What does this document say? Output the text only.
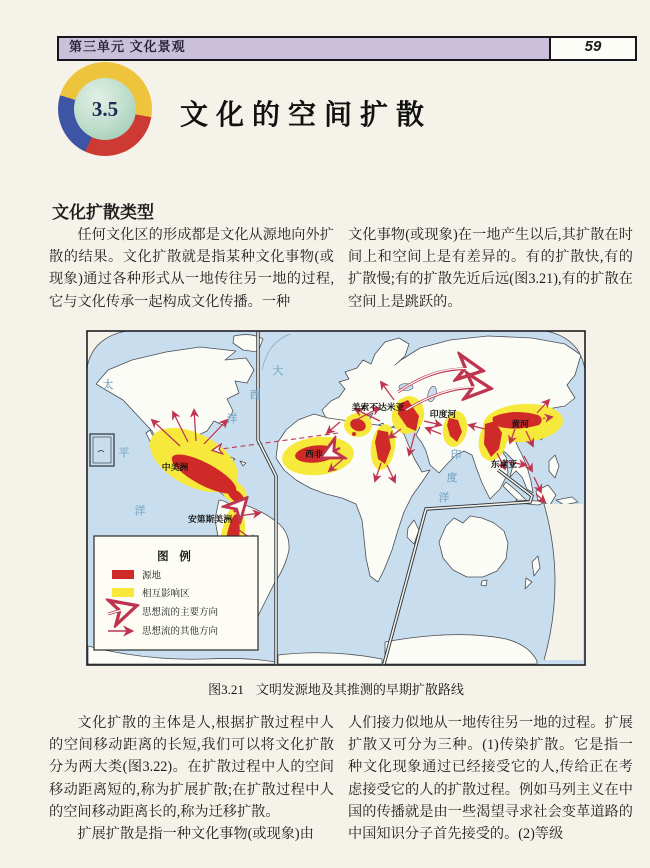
第三单元 文化景观	59
3.5	文化的空间扩散
文化扩散类型

任何文化区的形成都是文化从源地向外扩散的结果。文化扩散就是指某种文化事物(或现象)通过各种形式从一地传往另一地的过程,它与文化传承一起构成文化传播。一种

文化事物(或现象)在一地产生以后,其扩散在时间上和空间上是有差异的。有的扩散快,有的扩散慢;有的扩散先近后远(图3.21),有的扩散在空间上是跳跃的。

中美洲
安第斯美洲
西非
美索不达米亚
印度河
黄河
东南亚
太
平
洋
大
西
洋
印
度
洋
图 例
源地
相互影响区
思想流的主要方向
思想流的其他方向
图3.21 文明发源地及其推测的早期扩散路线

文化扩散的主体是人,根据扩散过程中人的空间移动距离的长短,我们可以将文化扩散分为两大类(图3.22)。在扩散过程中人的空间移动距离短的,称为扩展扩散;在扩散过程中人的空间移动距离长的,称为迁移扩散。

扩展扩散是指一种文化事物(或现象)由

人们接力似地从一地传往另一地的过程。扩展扩散又可分为三种。(1)传染扩散。它是指一种文化现象通过已经接受它的人,传给正在考虑接受它的人的扩散过程。例如马列主义在中国的传播就是由一些渴望寻求社会变革道路的中国知识分子首先接受的。(2)等级
